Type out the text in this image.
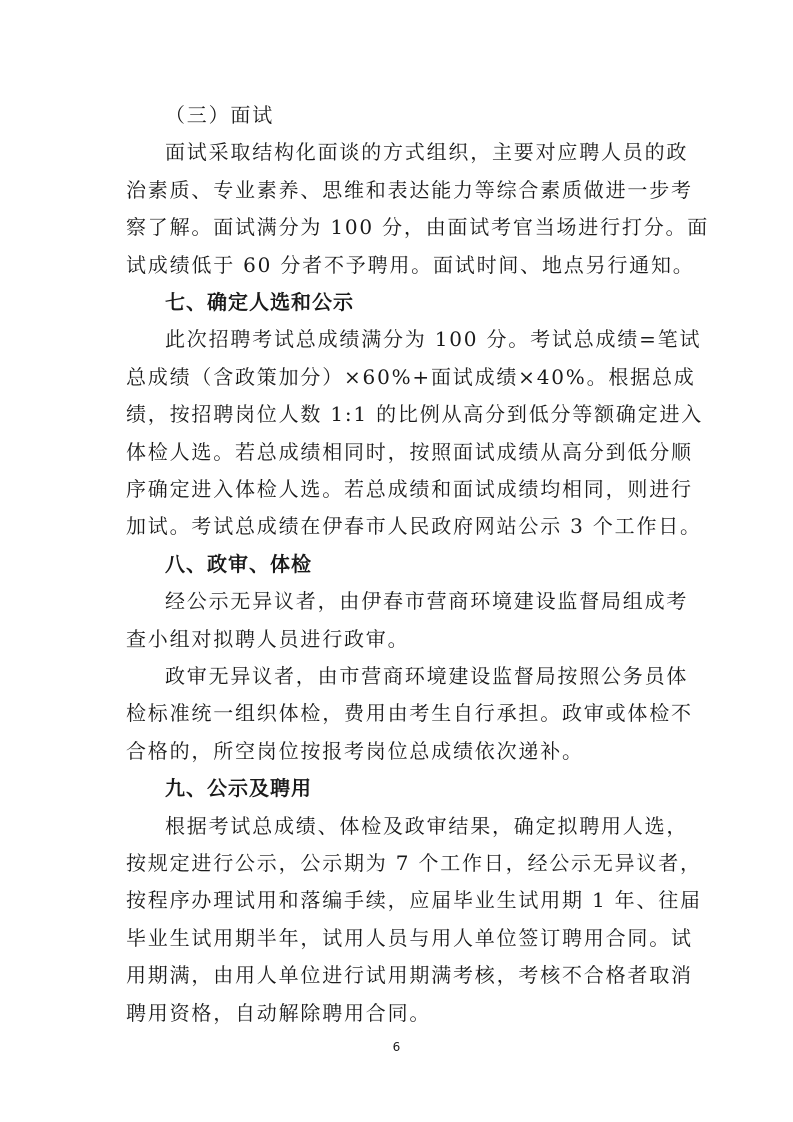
（三）面试
面试采取结构化面谈的方式组织，主要对应聘人员的政
治素质、专业素养、思维和表达能力等综合素质做进一步考
察了解。面试满分为 100 分，由面试考官当场进行打分。面
试成绩低于 60 分者不予聘用。面试时间、地点另行通知。
七、确定人选和公示
此次招聘考试总成绩满分为 100 分。考试总成绩=笔试
总成绩（含政策加分）×60%+面试成绩×40%。根据总成
绩，按招聘岗位人数 1:1 的比例从高分到低分等额确定进入
体检人选。若总成绩相同时，按照面试成绩从高分到低分顺
序确定进入体检人选。若总成绩和面试成绩均相同，则进行
加试。考试总成绩在伊春市人民政府网站公示 3 个工作日。
八、政审、体检
经公示无异议者，由伊春市营商环境建设监督局组成考
查小组对拟聘人员进行政审。
政审无异议者，由市营商环境建设监督局按照公务员体
检标准统一组织体检，费用由考生自行承担。政审或体检不
合格的，所空岗位按报考岗位总成绩依次递补。
九、公示及聘用
根据考试总成绩、体检及政审结果，确定拟聘用人选，
按规定进行公示，公示期为 7 个工作日，经公示无异议者，
按程序办理试用和落编手续，应届毕业生试用期 1 年、往届
毕业生试用期半年，试用人员与用人单位签订聘用合同。试
用期满，由用人单位进行试用期满考核，考核不合格者取消
聘用资格，自动解除聘用合同。
6
